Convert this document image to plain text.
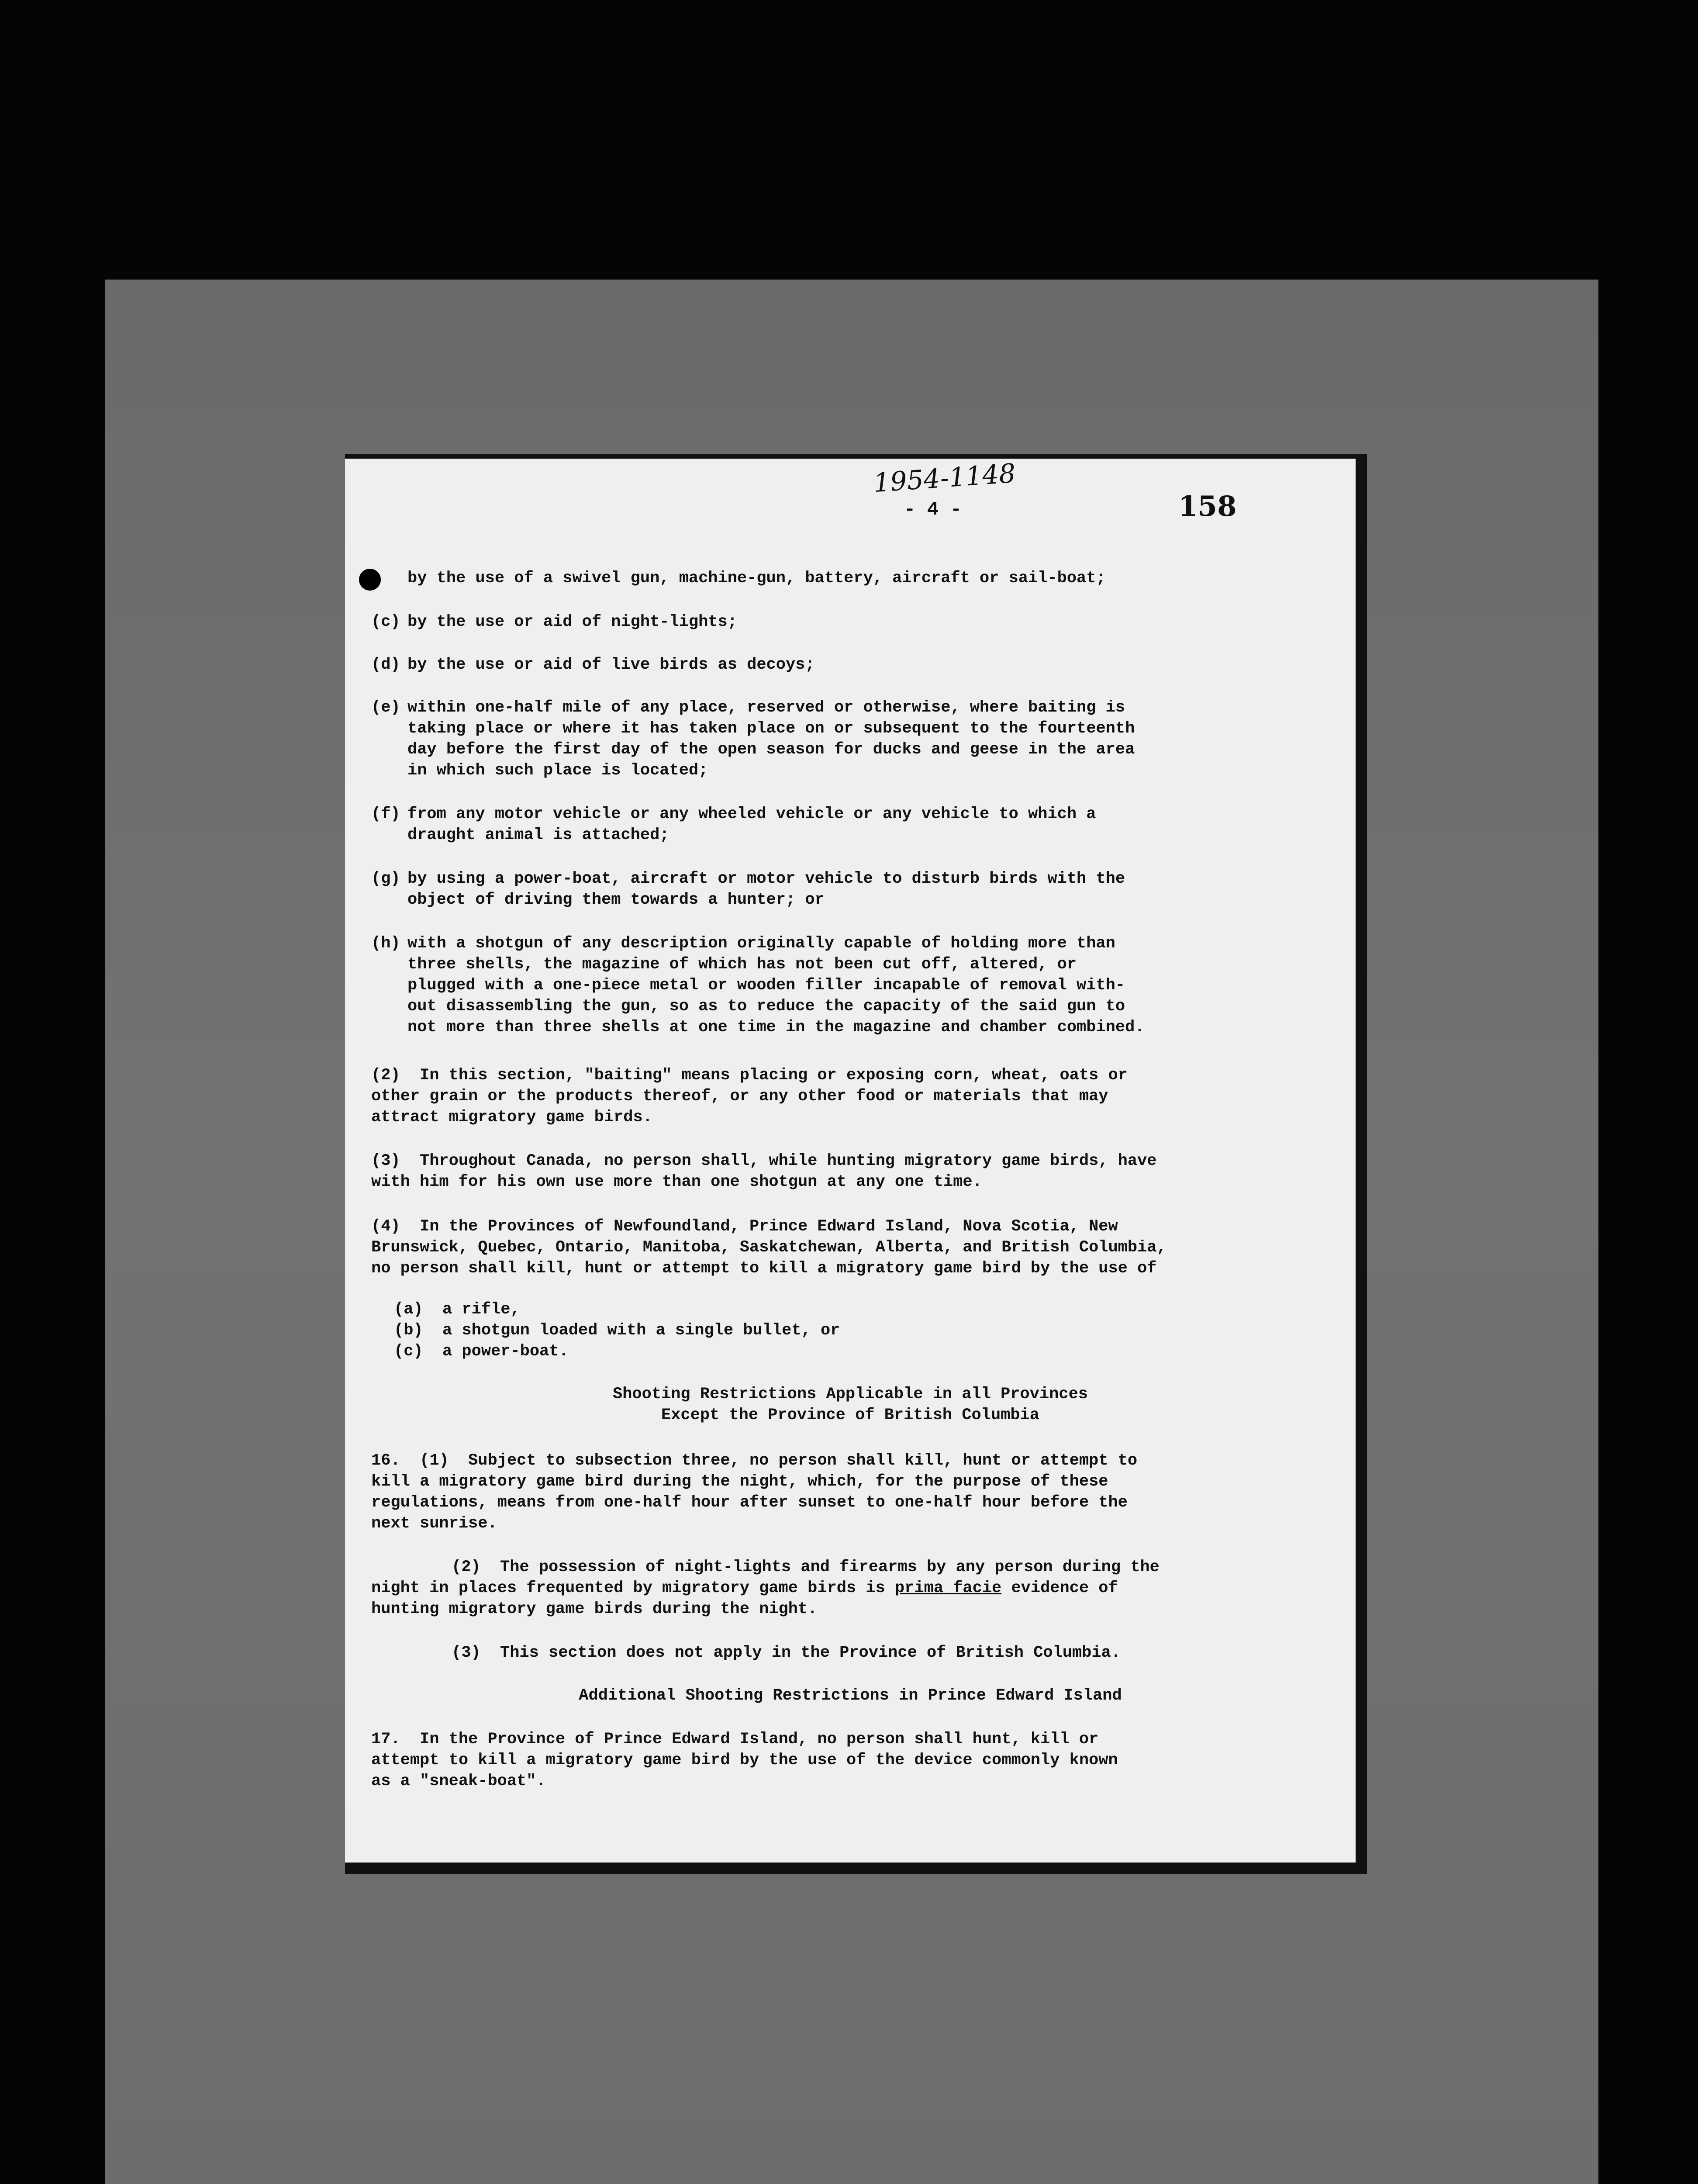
1954-1148
- 4 -	158
by the use of a swivel gun, machine-gun, battery, aircraft or sail-boat;
(c) by the use or aid of night-lights;
(d) by the use or aid of live birds as decoys;
(e) within one-half mile of any place, reserved or otherwise, where baiting is
taking place or where it has taken place on or subsequent to the fourteenth
day before the first day of the open season for ducks and geese in the area
in which such place is located;
(f) from any motor vehicle or any wheeled vehicle or any vehicle to which a
draught animal is attached;
(g) by using a power-boat, aircraft or motor vehicle to disturb birds with the
object of driving them towards a hunter; or
(h) with a shotgun of any description originally capable of holding more than
three shells, the magazine of which has not been cut off, altered, or
plugged with a one-piece metal or wooden filler incapable of removal with-
out disassembling the gun, so as to reduce the capacity of the said gun to
not more than three shells at one time in the magazine and chamber combined.
(2)  In this section, "baiting" means placing or exposing corn, wheat, oats or
other grain or the products thereof, or any other food or materials that may
attract migratory game birds.
(3)  Throughout Canada, no person shall, while hunting migratory game birds, have
with him for his own use more than one shotgun at any one time.
(4)  In the Provinces of Newfoundland, Prince Edward Island, Nova Scotia, New
Brunswick, Quebec, Ontario, Manitoba, Saskatchewan, Alberta, and British Columbia,
no person shall kill, hunt or attempt to kill a migratory game bird by the use of
(a)  a rifle,
(b)  a shotgun loaded with a single bullet, or
(c)  a power-boat.
Shooting Restrictions Applicable in all Provinces
Except the Province of British Columbia
16.  (1)  Subject to subsection three, no person shall kill, hunt or attempt to
kill a migratory game bird during the night, which, for the purpose of these
regulations, means from one-half hour after sunset to one-half hour before the
next sunrise.
(2)  The possession of night-lights and firearms by any person during the
night in places frequented by migratory game birds is prima facie evidence of
hunting migratory game birds during the night.
(3)  This section does not apply in the Province of British Columbia.
Additional Shooting Restrictions in Prince Edward Island
17.  In the Province of Prince Edward Island, no person shall hunt, kill or
attempt to kill a migratory game bird by the use of the device commonly known
as a "sneak-boat".
